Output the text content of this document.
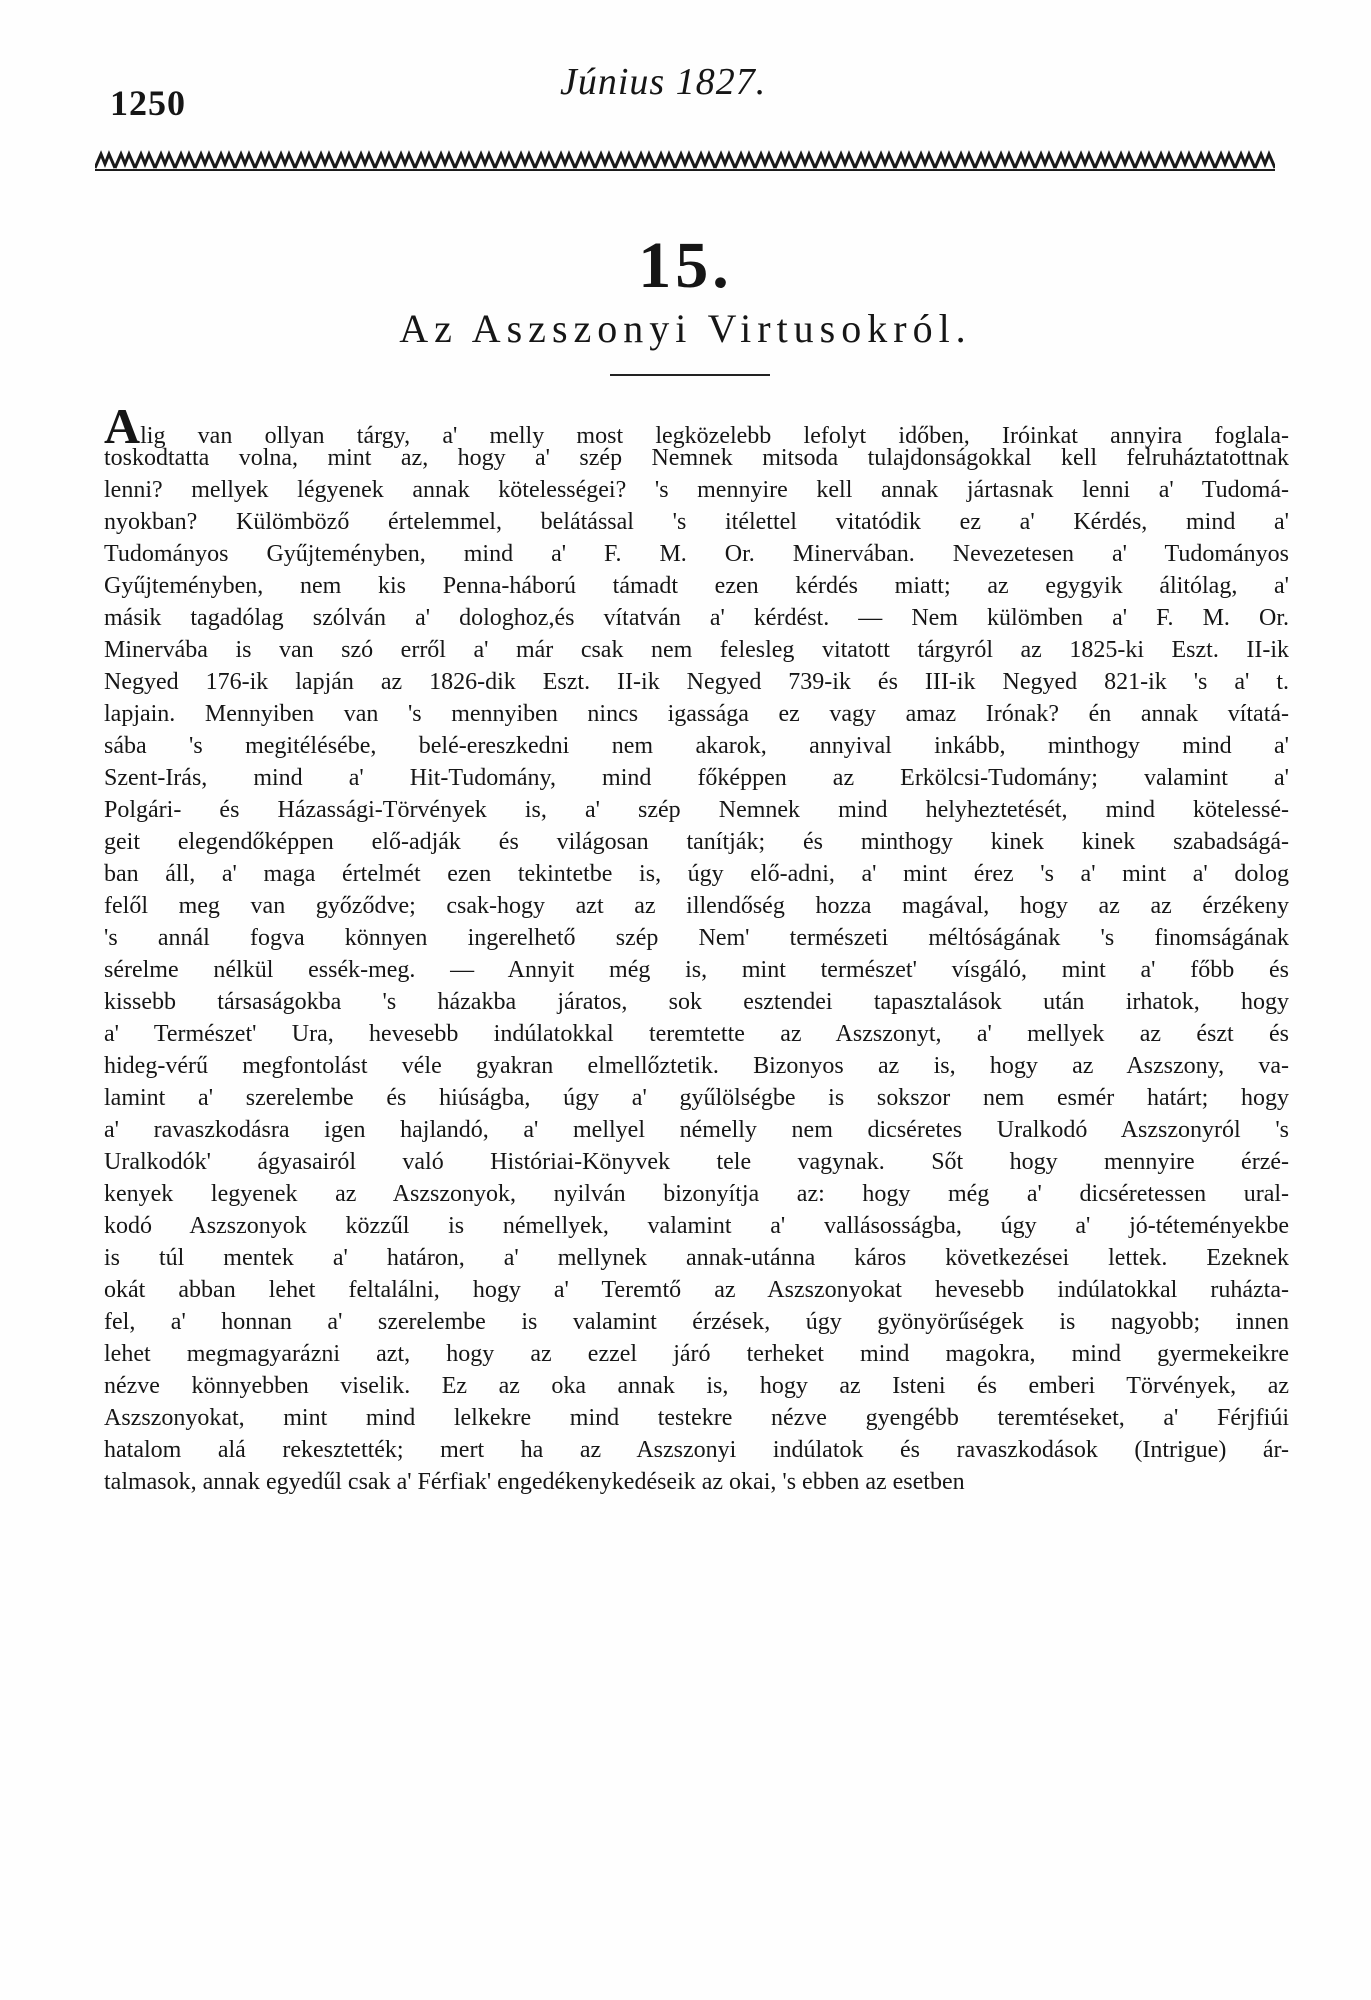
1250	Június 1827.
15.
Az Aszszonyi Virtusokról.
Alig van ollyan tárgy, a' melly most legközelebb lefolyt időben, Iróinkat annyira foglala-
toskodtatta volna, mint az, hogy a' szép Nemnek mitsoda tulajdonságokkal kell felruháztatottnak
lenni? mellyek légyenek annak kötelességei? 's mennyire kell annak jártasnak lenni a' Tudomá-
nyokban? Külömböző értelemmel, belátással 's itélettel vitatódik ez a' Kérdés, mind a'
Tudományos Gyűjteményben, mind a' F. M. Or. Minervában. Nevezetesen a' Tudományos
Gyűjteményben, nem kis Penna-háború támadt ezen kérdés miatt; az egygyik álitólag, a'
másik tagadólag szólván a' dologhoz,és vítatván a' kérdést. — Nem külömben a' F. M. Or.
Minervába is van szó erről a' már csak nem felesleg vitatott tárgyról az 1825-ki Eszt. II-ik
Negyed 176-ik lapján az 1826-dik Eszt. II-ik Negyed 739-ik és III-ik Negyed 821-ik 's a' t.
lapjain. Mennyiben van 's mennyiben nincs igassága ez vagy amaz Irónak? én annak vítatá-
sába 's megitélésébe, belé-ereszkedni nem akarok, annyival inkább, minthogy mind a'
Szent-Irás, mind a' Hit-Tudomány, mind főképpen az Erkölcsi-Tudomány; valamint a'
Polgári- és Házassági-Törvények is, a' szép Nemnek mind helyheztetését, mind kötelessé-
geit elegendőképpen elő-adják és világosan tanítják; és minthogy kinek kinek szabadságá-
ban áll, a' maga értelmét ezen tekintetbe is, úgy elő-adni, a' mint érez 's a' mint a' dolog
felől meg van győződve; csak-hogy azt az illendőség hozza magával, hogy az az érzékeny
's annál fogva könnyen ingerelhető szép Nem' természeti méltóságának 's finomságának
sérelme nélkül essék-meg. — Annyit még is, mint természet' vísgáló, mint a' főbb és
kissebb társaságokba 's házakba járatos, sok esztendei tapasztalások után irhatok, hogy
a' Természet' Ura, hevesebb indúlatokkal teremtette az Aszszonyt, a' mellyek az észt és
hideg-vérű megfontolást véle gyakran elmellőztetik. Bizonyos az is, hogy az Aszszony, va-
lamint a' szerelembe és hiúságba, úgy a' gyűlölségbe is sokszor nem esmér határt; hogy
a' ravaszkodásra igen hajlandó, a' mellyel némelly nem dicséretes Uralkodó Aszszonyról 's
Uralkodók' ágyasairól való Históriai-Könyvek tele vagynak. Sőt hogy mennyire érzé-
kenyek legyenek az Aszszonyok, nyilván bizonyítja az: hogy még a' dicséretessen ural-
kodó Aszszonyok közzűl is némellyek, valamint a' vallásosságba, úgy a' jó-téteményekbe
is túl mentek a' határon, a' mellynek annak-utánna káros következései lettek. Ezeknek
okát abban lehet feltalálni, hogy a' Teremtő az Aszszonyokat hevesebb indúlatokkal ruházta-
fel, a' honnan a' szerelembe is valamint érzések, úgy gyönyörűségek is nagyobb; innen
lehet megmagyarázni azt, hogy az ezzel járó terheket mind magokra, mind gyermekeikre
nézve könnyebben viselik. Ez az oka annak is, hogy az Isteni és emberi Törvények, az
Aszszonyokat, mint mind lelkekre mind testekre nézve gyengébb teremtéseket, a' Férjfiúi
hatalom alá rekesztették; mert ha az Aszszonyi indúlatok és ravaszkodások (Intrigue) ár-
talmasok, annak egyedűl csak a' Férfiak' engedékenykedéseik az okai, 's ebben az esetben
